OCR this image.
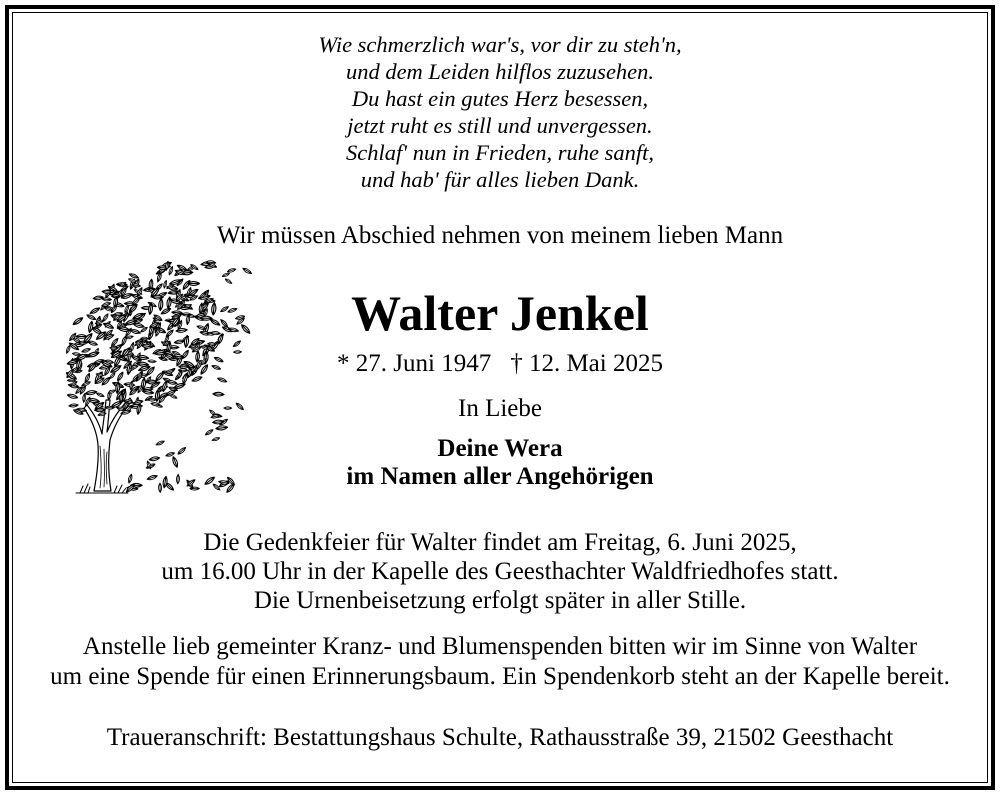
Wie schmerzlich war's, vor dir zu steh'n,
und dem Leiden hilflos zuzusehen.
Du hast ein gutes Herz besessen,
jetzt ruht es still und unvergessen.
Schlaf' nun in Frieden, ruhe sanft,
und hab' für alles lieben Dank.
Wir müssen Abschied nehmen von meinem lieben Mann
Walter Jenkel
* 27. Juni 1947 † 12. Mai 2025
In Liebe
Deine Wera
im Namen aller Angehörigen
Die Gedenkfeier für Walter findet am Freitag, 6. Juni 2025,
um 16.00 Uhr in der Kapelle des Geesthachter Waldfriedhofes statt.
Die Urnenbeisetzung erfolgt später in aller Stille.
Anstelle lieb gemeinter Kranz- und Blumenspenden bitten wir im Sinne von Walter
um eine Spende für einen Erinnerungsbaum. Ein Spendenkorb steht an der Kapelle bereit.
Traueranschrift: Bestattungshaus Schulte, Rathausstraße 39, 21502 Geesthacht
